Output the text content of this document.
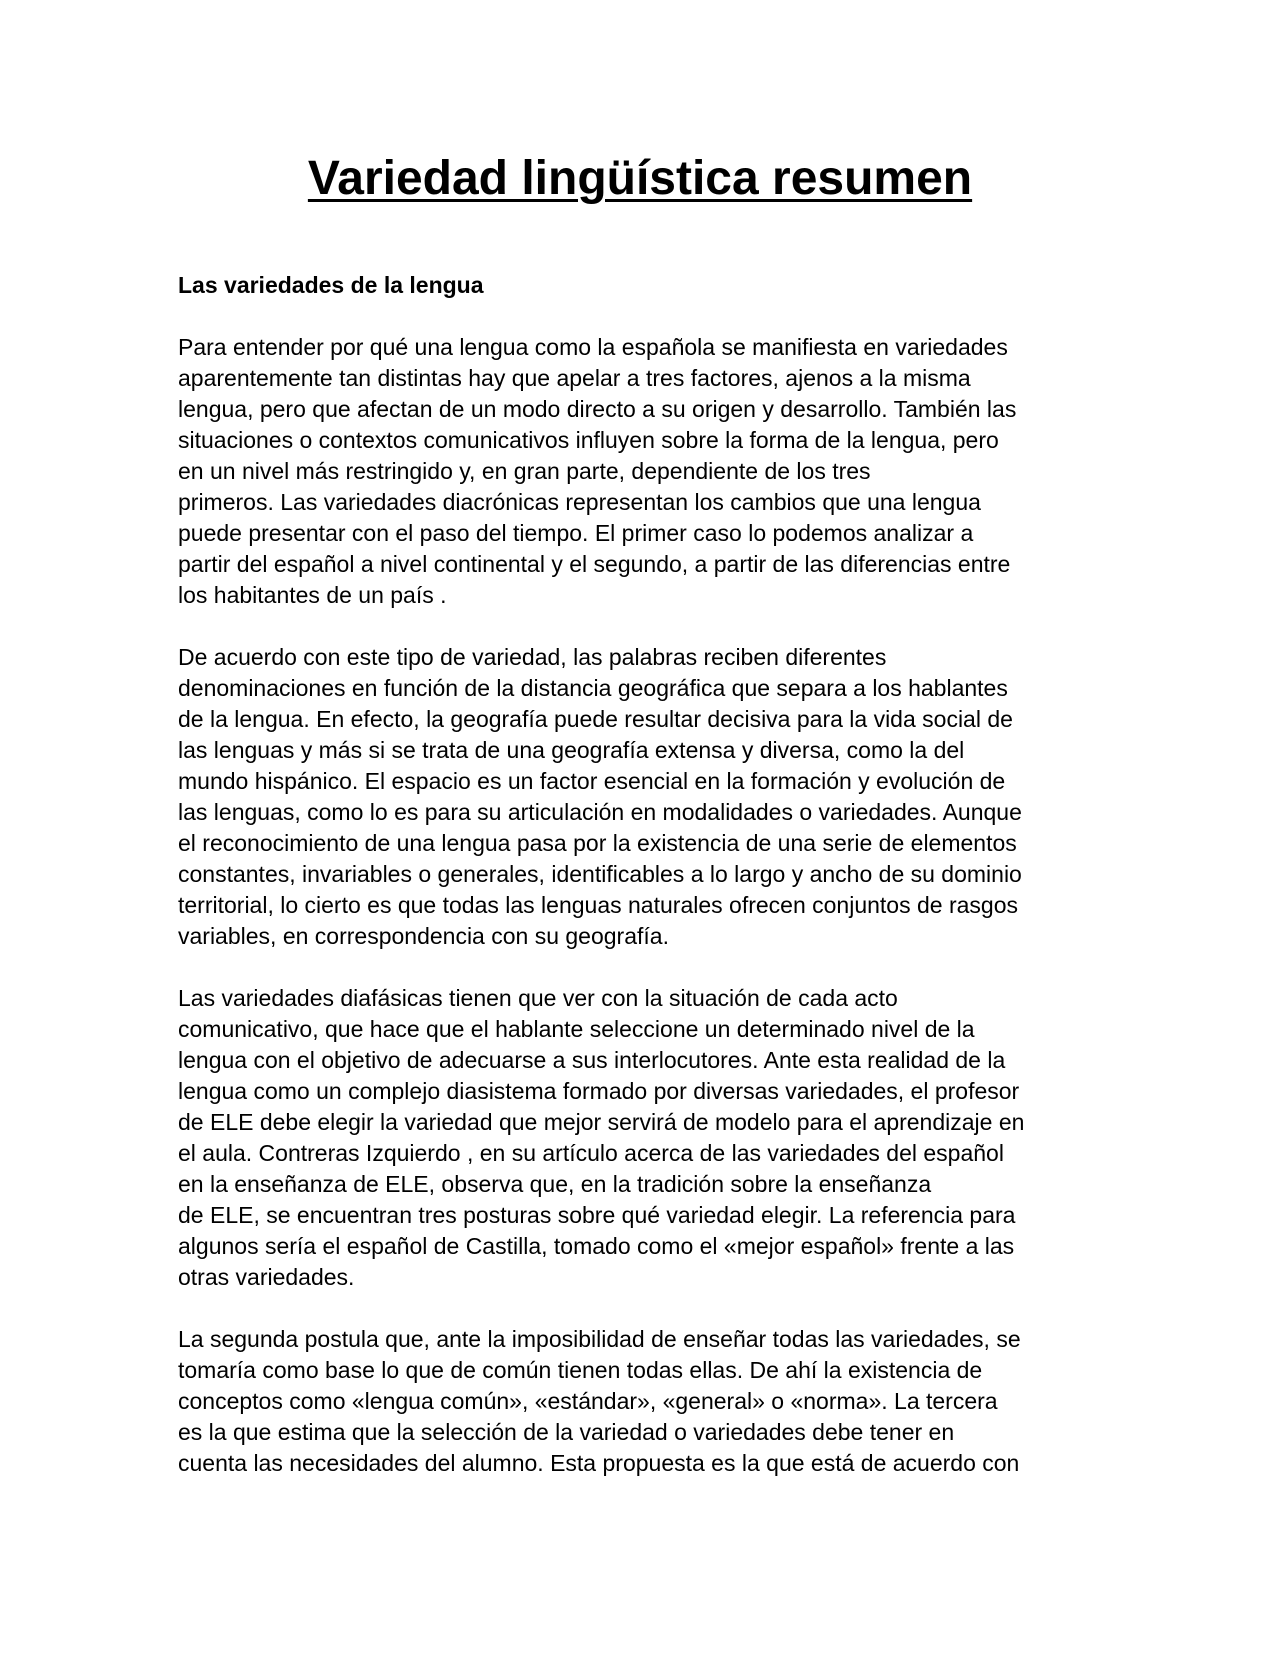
Variedad lingüística resumen

Las variedades de la lengua

Para entender por qué una lengua como la española se manifiesta en variedades
aparentemente tan distintas hay que apelar a tres factores, ajenos a la misma
lengua, pero que afectan de un modo directo a su origen y desarrollo. También las
situaciones o contextos comunicativos influyen sobre la forma de la lengua, pero
en un nivel más restringido y, en gran parte, dependiente de los tres
primeros. Las variedades diacrónicas representan los cambios que una lengua
puede presentar con el paso del tiempo. El primer caso lo podemos analizar a
partir del español a nivel continental y el segundo, a partir de las diferencias entre
los habitantes de un país .

De acuerdo con este tipo de variedad, las palabras reciben diferentes
denominaciones en función de la distancia geográfica que separa a los hablantes
de la lengua. En efecto, la geografía puede resultar decisiva para la vida social de
las lenguas y más si se trata de una geografía extensa y diversa, como la del
mundo hispánico. El espacio es un factor esencial en la formación y evolución de
las lenguas, como lo es para su articulación en modalidades o variedades. Aunque
el reconocimiento de una lengua pasa por la existencia de una serie de elementos
constantes, invariables o generales, identificables a lo largo y ancho de su dominio
territorial, lo cierto es que todas las lenguas naturales ofrecen conjuntos de rasgos
variables, en correspondencia con su geografía.

Las variedades diafásicas tienen que ver con la situación de cada acto
comunicativo, que hace que el hablante seleccione un determinado nivel de la
lengua con el objetivo de adecuarse a sus interlocutores. Ante esta realidad de la
lengua como un complejo diasistema formado por diversas variedades, el profesor
de ELE debe elegir la variedad que mejor servirá de modelo para el aprendizaje en
el aula. Contreras Izquierdo , en su artículo acerca de las variedades del español
en la enseñanza de ELE, observa que, en la tradición sobre la enseñanza
de ELE, se encuentran tres posturas sobre qué variedad elegir. La referencia para
algunos sería el español de Castilla, tomado como el «mejor español» frente a las
otras variedades.

La segunda postula que, ante la imposibilidad de enseñar todas las variedades, se
tomaría como base lo que de común tienen todas ellas. De ahí la existencia de
conceptos como «lengua común», «estándar», «general» o «norma». La tercera
es la que estima que la selección de la variedad o variedades debe tener en
cuenta las necesidades del alumno. Esta propuesta es la que está de acuerdo con
